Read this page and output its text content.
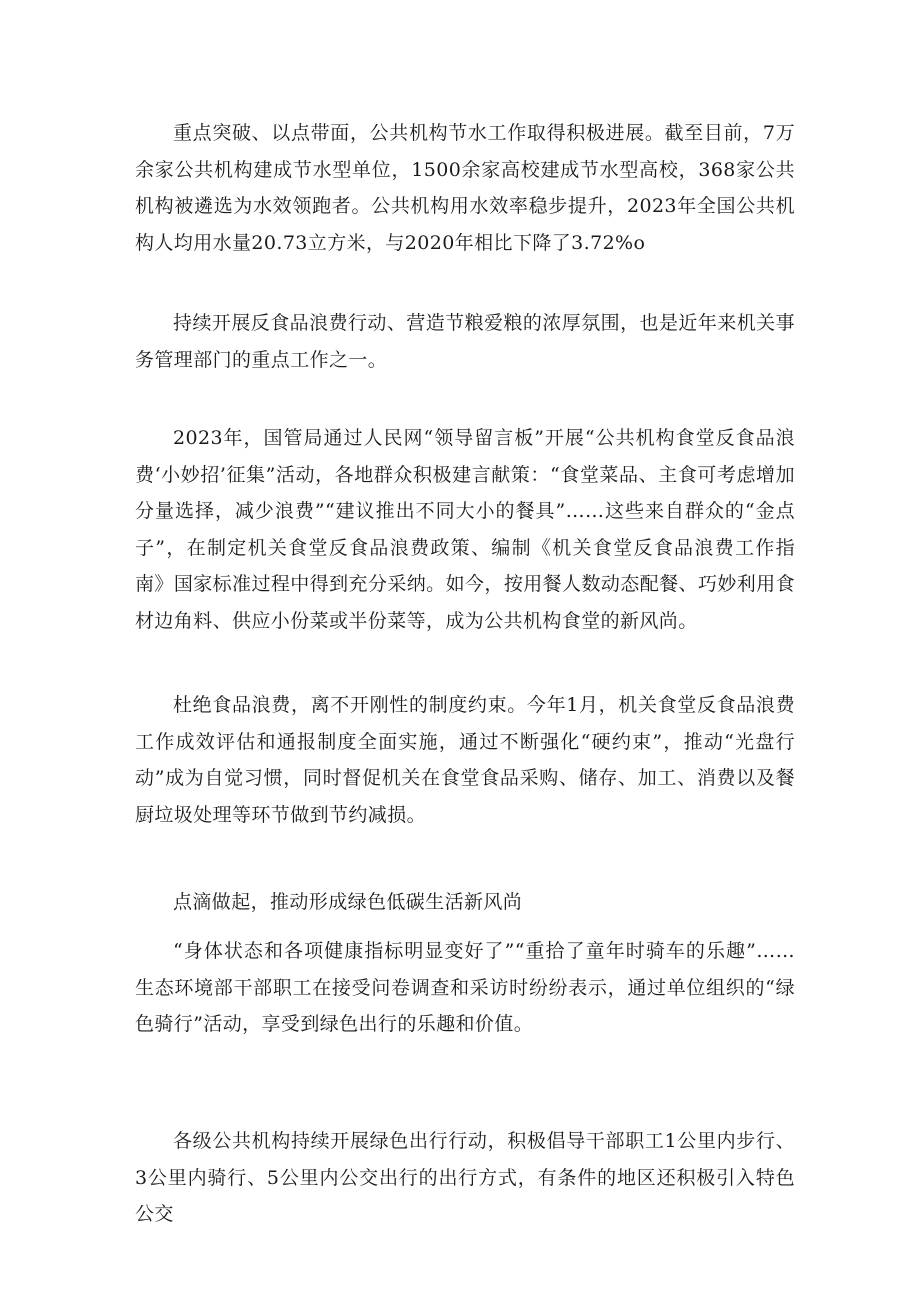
重点突破、以点带面，公共机构节水工作取得积极进展。截至目前，7万余家公共机构建成节水型单位，1500余家高校建成节水型高校，368家公共机构被遴选为水效领跑者。公共机构用水效率稳步提升，2023年全国公共机构人均用水量20.73立方米，与2020年相比下降了3.72%o

持续开展反食品浪费行动、营造节粮爱粮的浓厚氛围，也是近年来机关事务管理部门的重点工作之一。

2023年，国管局通过人民网“领导留言板”开展“公共机构食堂反食品浪费‘小妙招’征集”活动，各地群众积极建言献策：“食堂菜品、主食可考虑增加分量选择，减少浪费”“建议推出不同大小的餐具”……这些来自群众的“金点子”，在制定机关食堂反食品浪费政策、编制《机关食堂反食品浪费工作指南》国家标准过程中得到充分采纳。如今，按用餐人数动态配餐、巧妙利用食材边角料、供应小份菜或半份菜等，成为公共机构食堂的新风尚。

杜绝食品浪费，离不开刚性的制度约束。今年1月，机关食堂反食品浪费工作成效评估和通报制度全面实施，通过不断强化“硬约束”，推动“光盘行动”成为自觉习惯，同时督促机关在食堂食品采购、储存、加工、消费以及餐厨垃圾处理等环节做到节约减损。

点滴做起，推动形成绿色低碳生活新风尚

“身体状态和各项健康指标明显变好了”“重拾了童年时骑车的乐趣”……生态环境部干部职工在接受问卷调查和采访时纷纷表示，通过单位组织的“绿色骑行”活动，享受到绿色出行的乐趣和价值。

各级公共机构持续开展绿色出行行动，积极倡导干部职工1公里内步行、3公里内骑行、5公里内公交出行的出行方式，有条件的地区还积极引入特色公交
